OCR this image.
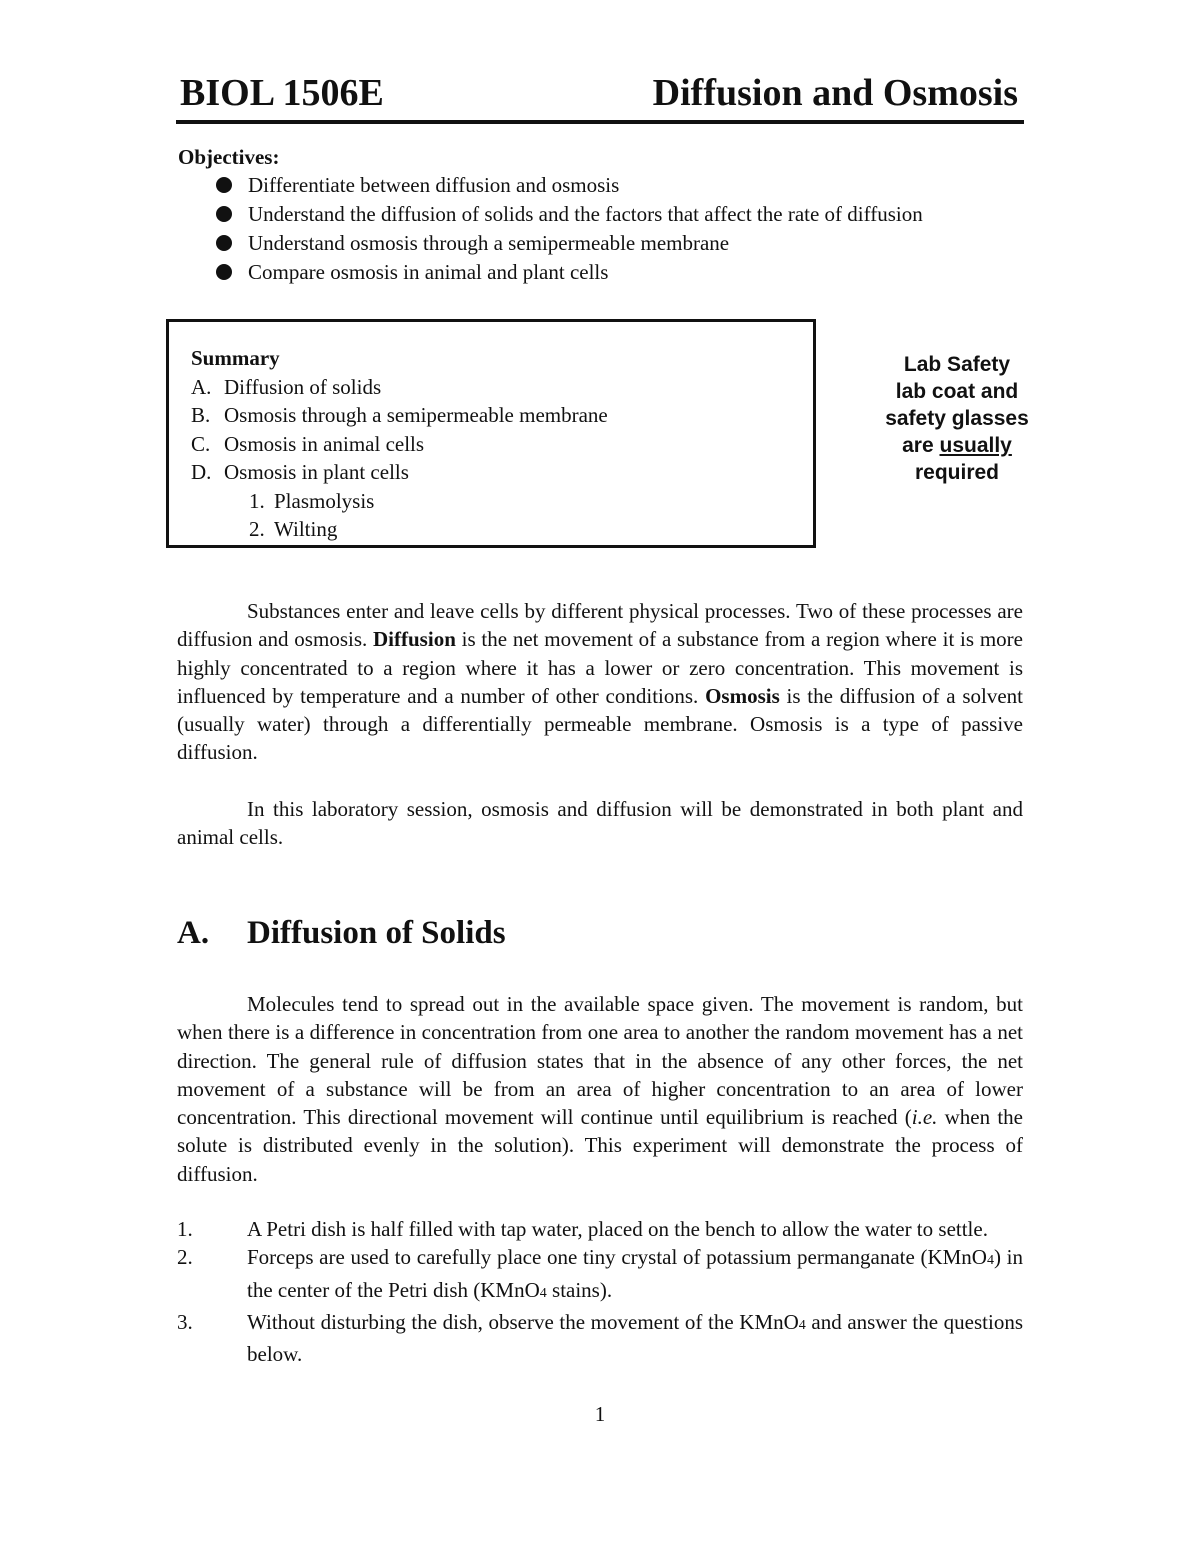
BIOL 1506E	Diffusion and Osmosis
Objectives:
Differentiate between diffusion and osmosis
Understand the diffusion of solids and the factors that affect the rate of diffusion
Understand osmosis through a semipermeable membrane
Compare osmosis in animal and plant cells
Summary
A. Diffusion of solids
B. Osmosis through a semipermeable membrane
C. Osmosis in animal cells
D. Osmosis in plant cells
1. Plasmolysis
2. Wilting
Lab Safety
lab coat and
safety glasses
are usually
required

Substances enter and leave cells by different physical processes. Two of these processes are diffusion and osmosis. Diffusion is the net movement of a substance from a region where it is more highly concentrated to a region where it has a lower or zero concentration. This movement is influenced by temperature and a number of other conditions. Osmosis is the diffusion of a solvent (usually water) through a differentially permeable membrane. Osmosis is a type of passive diffusion.

In this laboratory session, osmosis and diffusion will be demonstrated in both plant and animal cells.

A. Diffusion of Solids

Molecules tend to spread out in the available space given. The movement is random, but when there is a difference in concentration from one area to another the random movement has a net direction. The general rule of diffusion states that in the absence of any other forces, the net movement of a substance will be from an area of higher concentration to an area of lower concentration. This directional movement will continue until equilibrium is reached (i.e. when the solute is distributed evenly in the solution). This experiment will demonstrate the process of diffusion.

1.	A Petri dish is half filled with tap water, placed on the bench to allow the water to settle.

2.	Forceps are used to carefully place one tiny crystal of potassium permanganate (KMnO4) in the center of the Petri dish (KMnO4 stains).

3.	Without disturbing the dish, observe the movement of the KMnO4 and answer the questions below.

1
